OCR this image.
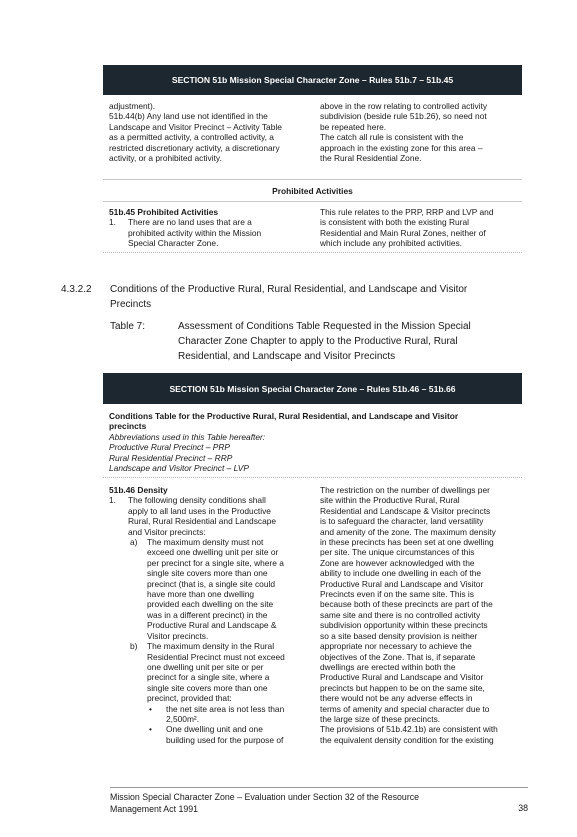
SECTION 51b Mission Special Character Zone – Rules 51b.7 – 51b.45

adjustment).

51b.44(b) Any land use not identified in the

Landscape and Visitor Precinct – Activity Table

as a permitted activity, a controlled activity, a

restricted discretionary activity, a discretionary

activity, or a prohibited activity.

above in the row relating to controlled activity

subdivision (beside rule 51b.26), so need not

be repeated here.

The catch all rule is consistent with the

approach in the existing zone for this area –

the Rural Residential Zone.

Prohibited Activities

51b.45 Prohibited Activities

1. There are no land uses that are a

prohibited activity within the Mission

Special Character Zone.

This rule relates to the PRP, RRP and LVP and

is consistent with both the existing Rural

Residential and Main Rural Zones, neither of

which include any prohibited activities.

4.3.2.2 Conditions of the Productive Rural, Rural Residential, and Landscape and Visitor
Precincts
Table 7:	Assessment of Conditions Table Requested in the Mission Special
Character Zone Chapter to apply to the Productive Rural, Rural
Residential, and Landscape and Visitor Precincts
SECTION 51b Mission Special Character Zone – Rules 51b.46 – 51b.66

Conditions Table for the Productive Rural, Rural Residential, and Landscape and Visitor

precincts

Abbreviations used in this Table hereafter:

Productive Rural Precinct – PRP

Rural Residential Precinct – RRP

Landscape and Visitor Precinct – LVP

51b.46 Density

1. The following density conditions shall

apply to all land uses in the Productive

Rural, Rural Residential and Landscape

and Visitor precincts:

a) The maximum density must not

exceed one dwelling unit per site or

per precinct for a single site, where a

single site covers more than one

precinct (that is, a single site could

have more than one dwelling

provided each dwelling on the site

was in a different precinct) in the

Productive Rural and Landscape &

Visitor precincts.

b) The maximum density in the Rural

Residential Precinct must not exceed

one dwelling unit per site or per

precinct for a single site, where a

single site covers more than one

precinct, provided that:

• the net site area is not less than

2,500m².

• One dwelling unit and one

building used for the purpose of

The restriction on the number of dwellings per

site within the Productive Rural, Rural

Residential and Landscape & Visitor precincts

is to safeguard the character, land versatility

and amenity of the zone. The maximum density

in these precincts has been set at one dwelling

per site. The unique circumstances of this

Zone are however acknowledged with the

ability to include one dwelling in each of the

Productive Rural and Landscape and Visitor

Precincts even if on the same site. This is

because both of these precincts are part of the

same site and there is no controlled activity

subdivision opportunity within these precincts

so a site based density provision is neither

appropriate nor necessary to achieve the

objectives of the Zone. That is, if separate

dwellings are erected within both the

Productive Rural and Landscape and Visitor

precincts but happen to be on the same site,

there would not be any adverse effects in

terms of amenity and special character due to

the large size of these precincts.

The provisions of 51b.42.1b) are consistent with

the equivalent density condition for the existing

Mission Special Character Zone – Evaluation under Section 32 of the Resource
Management Act 1991	38
